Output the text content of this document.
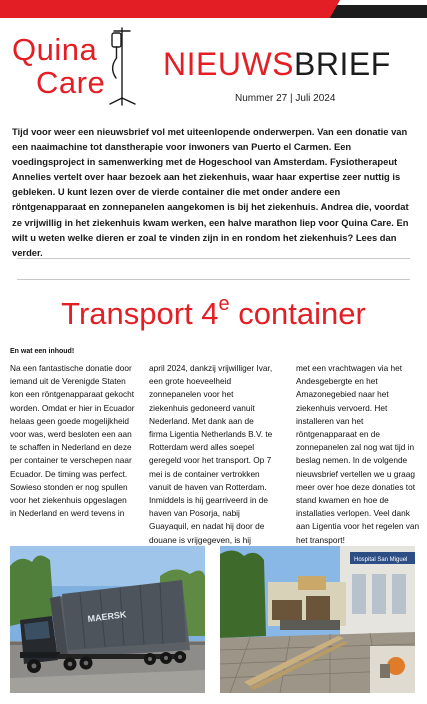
Quina
Care
NIEUWSBRIEF
Nummer 27 | Juli 2024
Tijd voor weer een nieuwsbrief vol met uiteenlopende onderwerpen. Van een donatie van een naaimachine tot danstherapie voor inwoners van Puerto el Carmen. Een voedingsproject in samenwerking met de Hogeschool van Amsterdam. Fysiotherapeut Annelies vertelt over haar bezoek aan het ziekenhuis, waar haar expertise zeer nuttig is gebleken. U kunt lezen over de vierde container die met onder andere een röntgenapparaat en zonnepanelen aangekomen is bij het ziekenhuis. Andrea die, voordat ze vrijwillig in het ziekenhuis kwam werken, een halve marathon liep voor Quina Care. En wilt u weten welke dieren er zoal te vinden zijn in en rondom het ziekenhuis? Lees dan verder.
Transport 4e container
En wat een inhoud!
Na een fantastische donatie door iemand uit de Verenigde Staten kon een röntgenapparaat gekocht worden. Omdat er hier in Ecuador helaas geen goede mogelijkheid voor was, werd besloten een aan te schaffen in Nederland en deze per container te verschepen naar Ecuador. De timing was perfect. Sowieso stonden er nog spullen voor het ziekenhuis opgeslagen in Nederland en werd tevens in
april 2024, dankzij vrijwilliger Ivar, een grote hoeveelheid zonnepanelen voor het ziekenhuis gedoneerd vanuit Nederland. Met dank aan de firma Ligentia Netherlands B.V. te Rotterdam werd alles soepel geregeld voor het transport. Op 7 mei is de container vertrokken vanuit de haven van Rotterdam. Inmiddels is hij gearriveerd in de haven van Posorja, nabij Guayaquil, en nadat hij door de douane is vrijgegeven, is hij
met een vrachtwagen via het Andesgebergte en het Amazonegebied naar het ziekenhuis vervoerd. Het installeren van het röntgenapparaat en de zonnepanelen zal nog wat tijd in beslag nemen. In de volgende nieuwsbrief vertellen we u graag meer over hoe deze donaties tot stand kwamen en hoe de installaties verlopen. Veel dank aan Ligentia voor het regelen van het transport!
MAERSK
Hospital San Miguel
